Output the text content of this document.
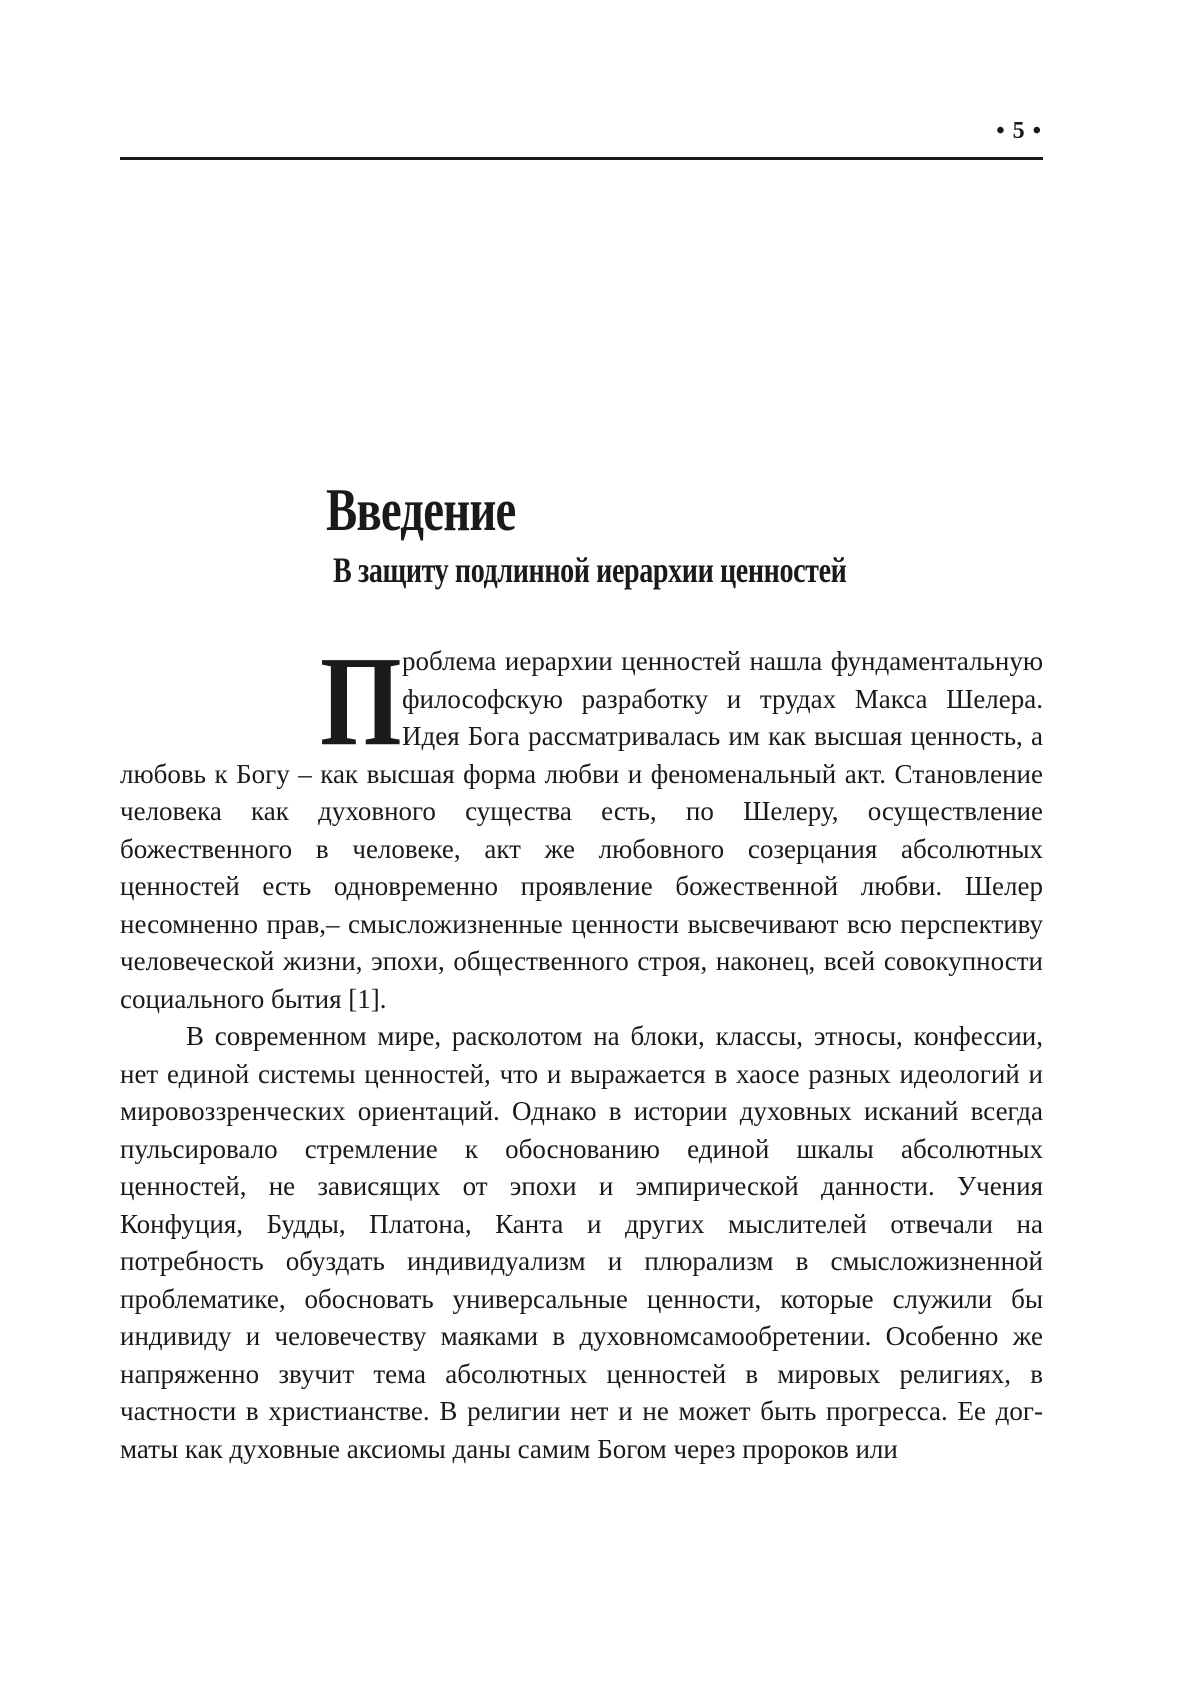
• 5 •
Введение
В защиту подлинной иерархии ценностей

Проблема иерархии ценностей нашла фундаментальную философскую разработку и трудах Макса Шелера. Идея Бога рассматривалась им как высшая ценность, а любовь к Богу – как высшая форма любви и феноменальный акт. Становление человека как духовного существа есть, по Шелеру, осуществление божественного в человеке, акт же любовного созерцания абсолютных ценностей есть одновременно проявление божественной любви. Шелер несомненно прав,– смысложизненные ценности высвечивают всю перспективу человеческой жизни, эпохи, общественного строя, наконец, всей совокупности социального бытия [1].

В современном мире, расколотом на блоки, классы, этносы, конфессии, нет единой системы ценностей, что и выражается в хаосе разных идеологий и мировоззренческих ориентаций. Однако в истории духовных исканий всегда пульсировало стремление к обоснованию единой шкалы абсолютных ценностей, не зависящих от эпохи и эмпирической данности. Учения Конфуция, Будды, Платона, Канта и других мыслителей отвечали на потребность обуздать индивидуализм и плюрализм в смысложизненной проблематике, обосновать универсальные ценности, которые служили бы индивиду и человечеству маяками в духовномсамообретении. Особенно же напряженно звучит тема абсолютных ценностей в мировых религиях, в частности в христианстве. В религии нет и не может быть прогресса. Ее догматы как духовные аксиомы даны самим Богом через пророков или
